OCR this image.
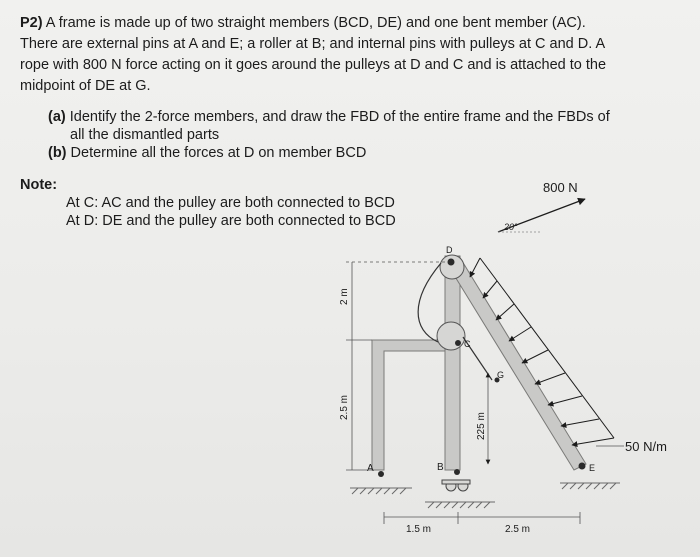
P2) A frame is made up of two straight members (BCD, DE) and one bent member (AC).
There are external pins at A and E; a roller at B; and internal pins with pulleys at C and D. A
rope with 800 N force acting on it goes around the pulleys at D and C and is attached to the
midpoint of DE at G.
(a) Identify the 2-force members, and draw the FBD of the entire frame and the FBDs of
all the dismantled parts
(b) Determine all the forces at D on member BCD
Note:
At C: AC and the pulley are both connected to BCD
At D: DE and the pulley are both connected to BCD
D
C
A	B	E
G
800 N
20°
50 N/m
2 m
2.5 m
225 m
1.5 m	2.5 m
